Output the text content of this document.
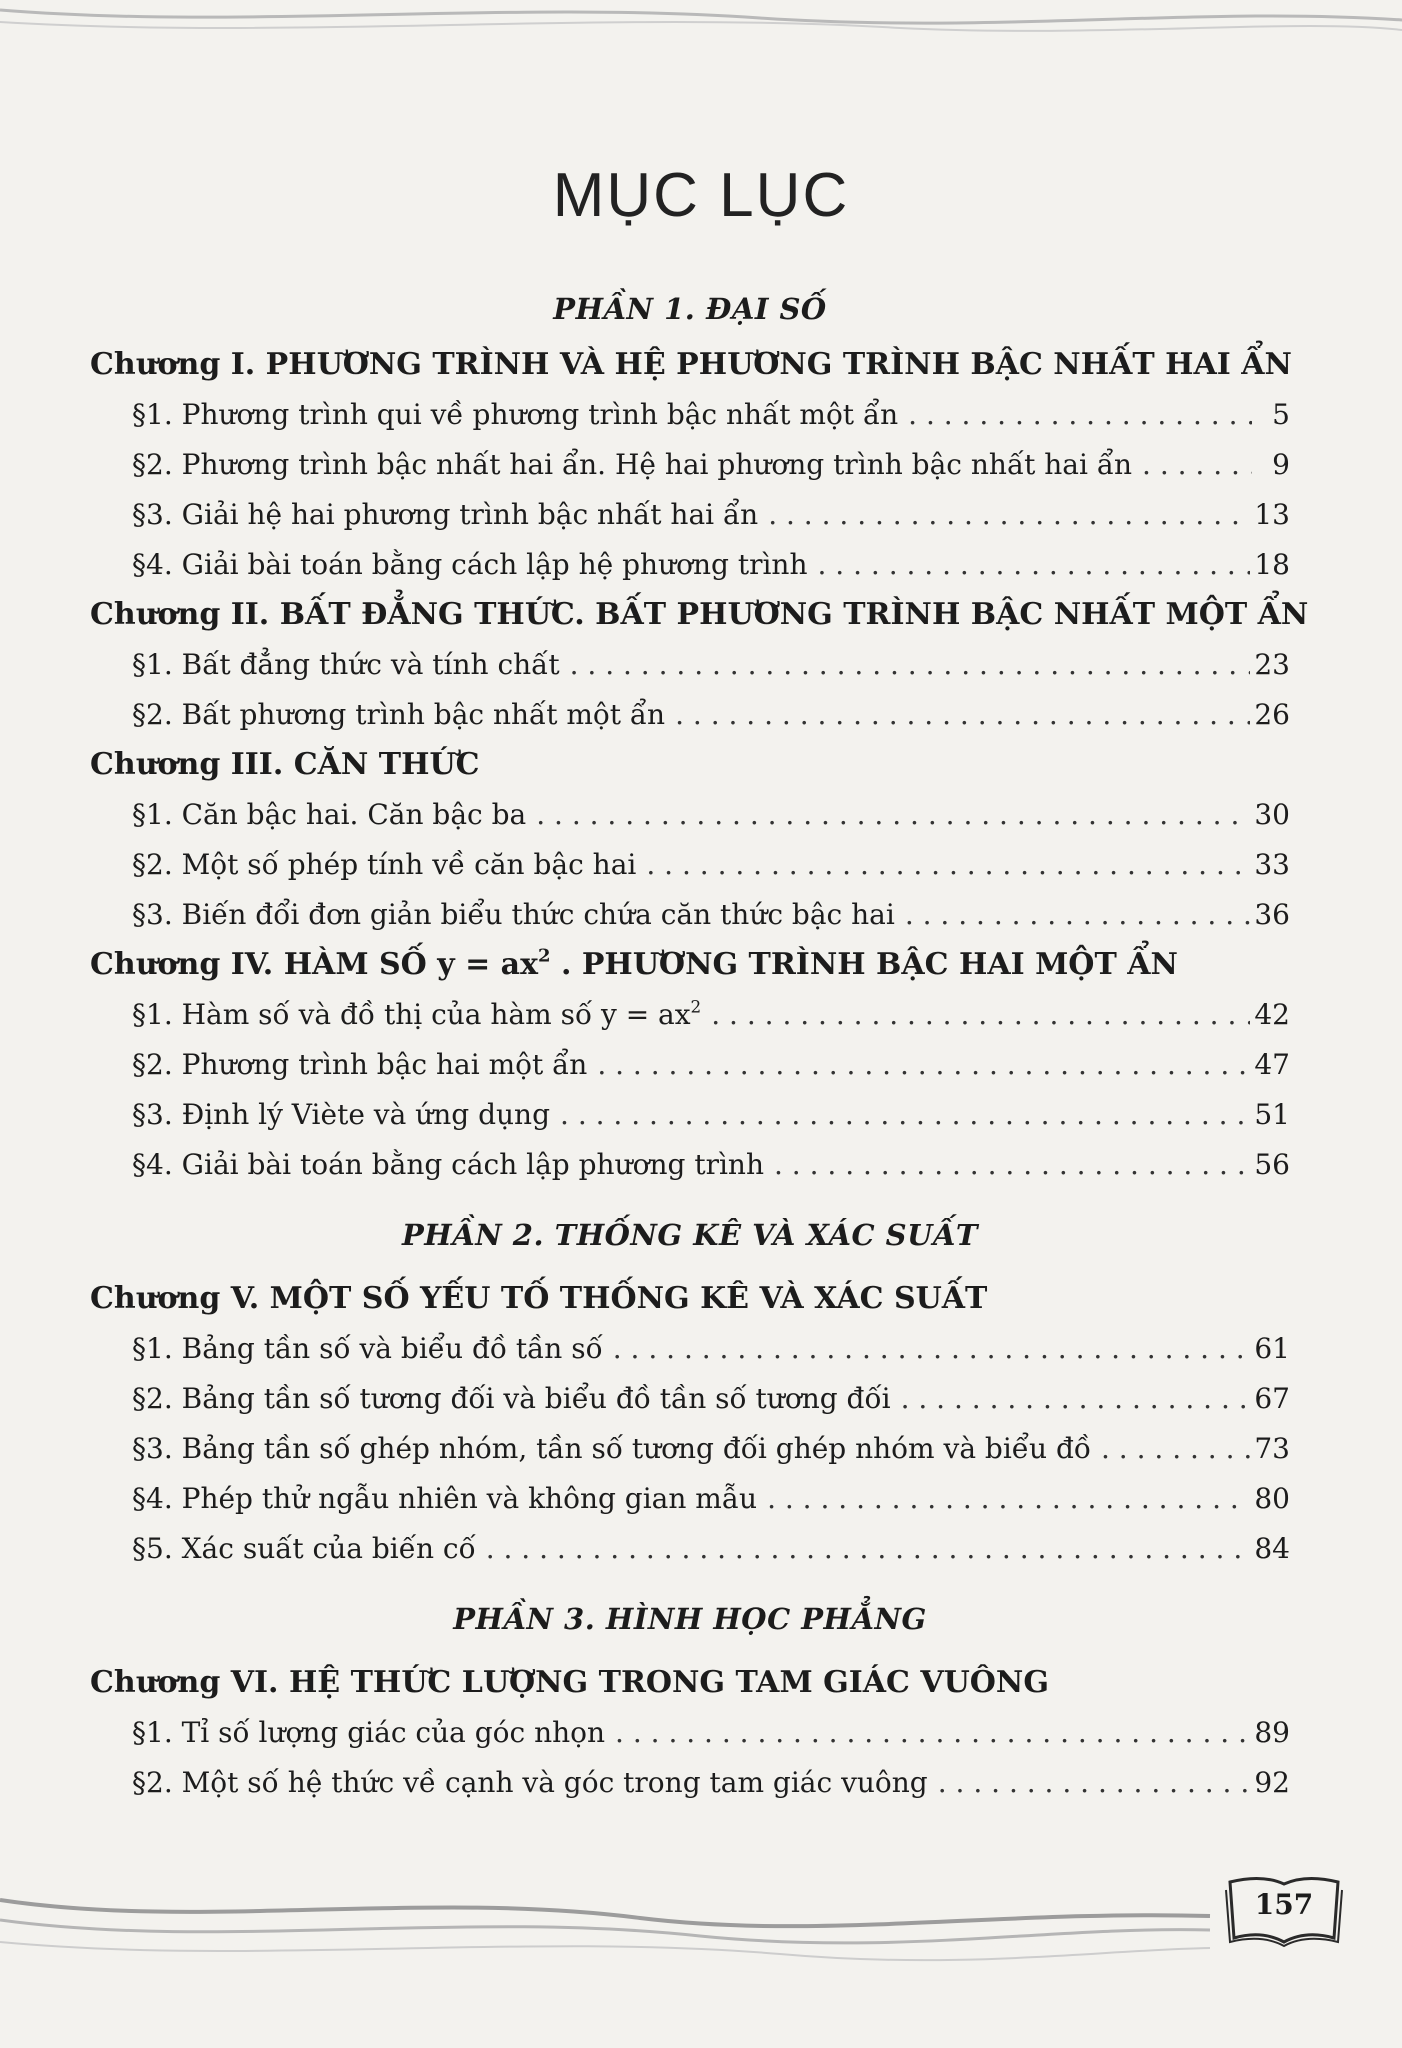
MỤC LỤC
PHẦN 1. ĐẠI SỐ
Chương I. PHƯƠNG TRÌNH VÀ HỆ PHƯƠNG TRÌNH BẬC NHẤT HAI ẨN
§1. Phương trình qui về phương trình bậc nhất một ẩn . . .	5
§2. Phương trình bậc nhất hai ẩn. Hệ hai phương trình bậc nhất hai ẩn . . .	9
§3. Giải hệ hai phương trình bậc nhất hai ẩn . . .	13
§4. Giải bài toán bằng cách lập hệ phương trình . . .	18
Chương II. BẤT ĐẲNG THỨC. BẤT PHƯƠNG TRÌNH BẬC NHẤT MỘT ẨN
§1. Bất đẳng thức và tính chất . . .	23
§2. Bất phương trình bậc nhất một ẩn . . .	26
Chương III. CĂN THỨC
§1. Căn bậc hai. Căn bậc ba . . .	30
§2. Một số phép tính về căn bậc hai . . .	33
§3. Biến đổi đơn giản biểu thức chứa căn thức bậc hai . . .	36
Chương IV. HÀM SỐ $y = ax^2$ . PHƯƠNG TRÌNH BẬC HAI MỘT ẨN
§1. Hàm số và đồ thị của hàm số $y = ax^2$ . . .	42
§2. Phương trình bậc hai một ẩn . . .	47
§3. Định lý Viète và ứng dụng . . .	51
§4. Giải bài toán bằng cách lập phương trình . . .	56
PHẦN 2. THỐNG KÊ VÀ XÁC SUẤT
Chương V. MỘT SỐ YẾU TỐ THỐNG KÊ VÀ XÁC SUẤT
§1. Bảng tần số và biểu đồ tần số . . .	61
§2. Bảng tần số tương đối và biểu đồ tần số tương đối . . .	67
§3. Bảng tần số ghép nhóm, tần số tương đối ghép nhóm và biểu đồ . . .	73
§4. Phép thử ngẫu nhiên và không gian mẫu . . .	80
§5. Xác suất của biến cố . . .	84
PHẦN 3. HÌNH HỌC PHẲNG
Chương VI. HỆ THỨC LƯỢNG TRONG TAM GIÁC VUÔNG
§1. Tỉ số lượng giác của góc nhọn . . .	89
§2. Một số hệ thức về cạnh và góc trong tam giác vuông . . .	92
157
